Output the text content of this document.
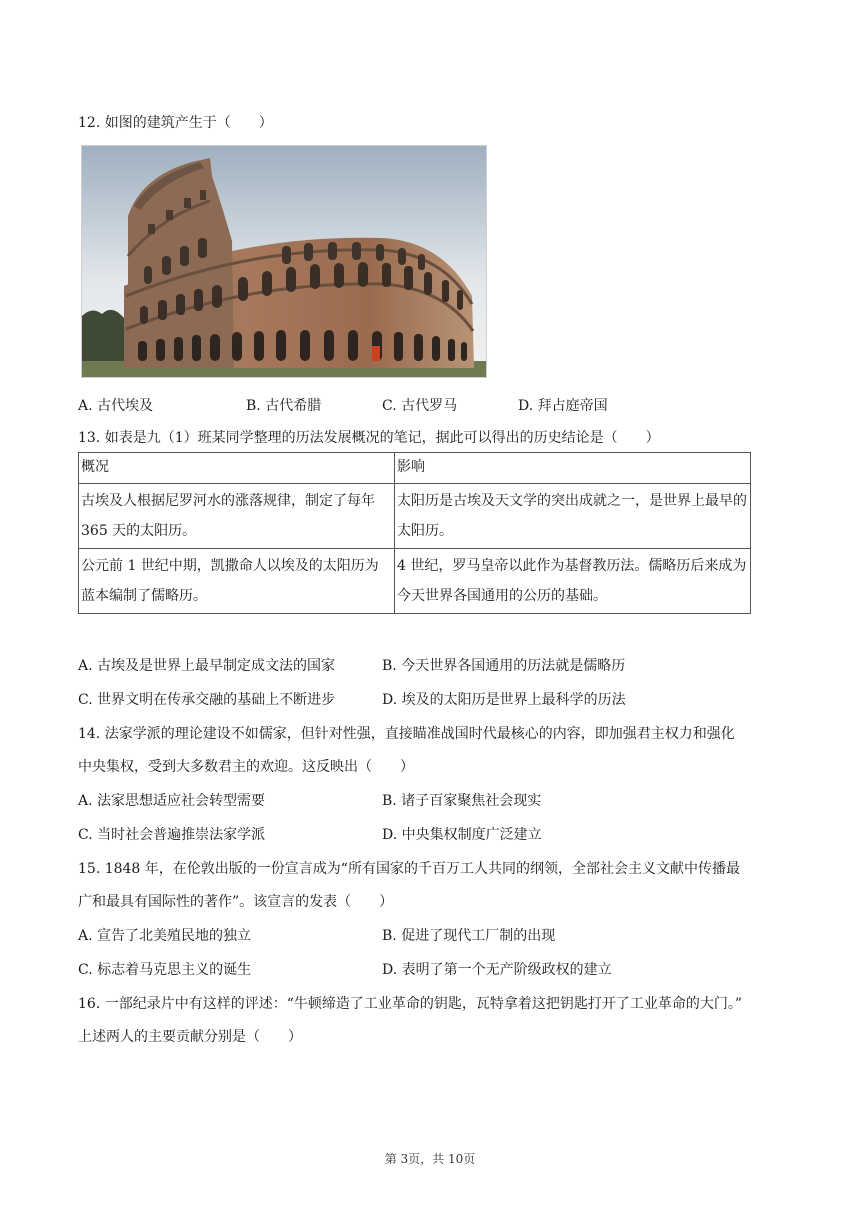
12. 如图的建筑产生于（　　）
A. 古代埃及	B. 古代希腊	C. 古代罗马	D. 拜占庭帝国
13. 如表是九（1）班某同学整理的历法发展概况的笔记，据此可以得出的历史结论是（　　）
概况	影响
古埃及人根据尼罗河水的涨落规律，制定了每年365 天的太阳历。	太阳历是古埃及天文学的突出成就之一，是世界上最早的太阳历。
公元前 1 世纪中期，凯撒命人以埃及的太阳历为蓝本编制了儒略历。	4 世纪，罗马皇帝以此作为基督教历法。儒略历后来成为今天世界各国通用的公历的基础。
A. 古埃及是世界上最早制定成文法的国家	B. 今天世界各国通用的历法就是儒略历
C. 世界文明在传承交融的基础上不断进步	D. 埃及的太阳历是世界上最科学的历法
14. 法家学派的理论建设不如儒家，但针对性强，直接瞄准战国时代最核心的内容，即加强君主权力和强化
中央集权，受到大多数君主的欢迎。这反映出（　　）
A. 法家思想适应社会转型需要	B. 诸子百家聚焦社会现实
C. 当时社会普遍推崇法家学派	D. 中央集权制度广泛建立
15. 1848 年，在伦敦出版的一份宣言成为“所有国家的千百万工人共同的纲领，全部社会主义文献中传播最
广和最具有国际性的著作”。该宣言的发表（　　）
A. 宣告了北美殖民地的独立	B. 促进了现代工厂制的出现
C. 标志着马克思主义的诞生	D. 表明了第一个无产阶级政权的建立
16. 一部纪录片中有这样的评述：“牛顿缔造了工业革命的钥匙，瓦特拿着这把钥匙打开了工业革命的大门。”
上述两人的主要贡献分别是（　　）
第 3页，共 10页
